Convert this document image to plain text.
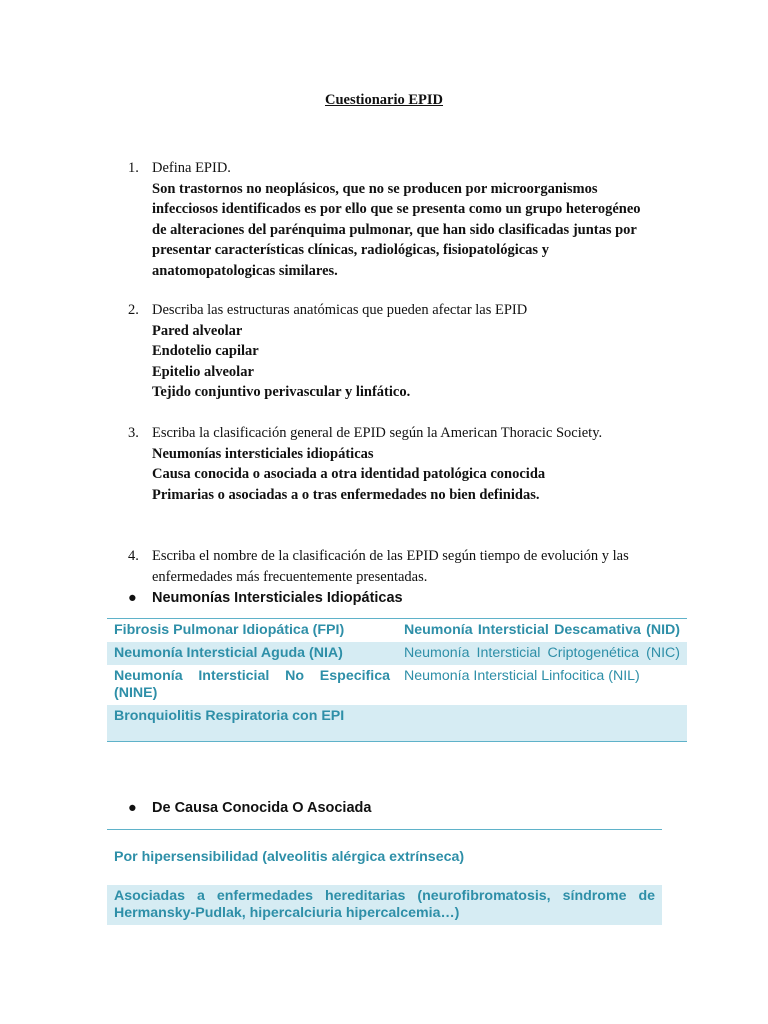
Cuestionario EPID
1. Defina EPID.
Son trastornos no neoplásicos, que no se producen por microorganismos
infecciosos identificados es por ello que se presenta como un grupo heterogéneo
de alteraciones del parénquima pulmonar, que han sido clasificadas juntas por
presentar características clínicas, radiológicas, fisiopatológicas y
anatomopatologicas similares.
2. Describa las estructuras anatómicas que pueden afectar las EPID
Pared alveolar
Endotelio capilar
Epitelio alveolar
Tejido conjuntivo perivascular y linfático.
3. Escriba la clasificación general de EPID según la American Thoracic Society.
Neumonías intersticiales idiopáticas
Causa conocida o asociada a otra identidad patológica conocida
Primarias o asociadas a o tras enfermedades no bien definidas.
4. Escriba el nombre de la clasificación de las EPID según tiempo de evolución y las
enfermedades más frecuentemente presentadas.
● Neumonías Intersticiales Idiopáticas
Fibrosis Pulmonar Idiopática (FPI)	Neumonía Intersticial Descamativa (NID)
Neumonía Intersticial Aguda (NIA)	Neumonía Intersticial Criptogenética (NIC)
Neumonía Intersticial No Especifica (NINE)	Neumonía Intersticial Linfocitica (NIL)
Bronquiolitis Respiratoria con EPI	
● De Causa Conocida O Asociada
Por hipersensibilidad (alveolitis alérgica extrínseca)
Asociadas a enfermedades hereditarias (neurofibromatosis, síndrome de Hermansky-Pudlak, hipercalciuria hipercalcemia…)
